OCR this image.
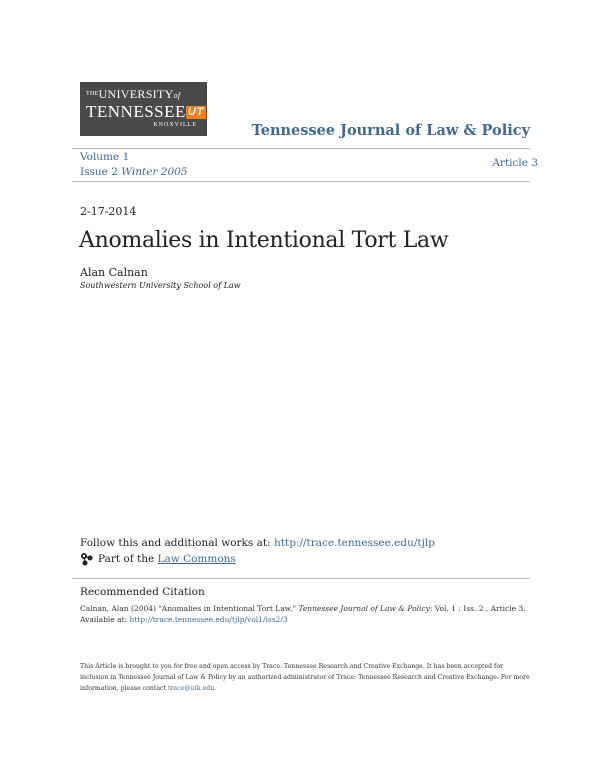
$^{THE}$UNIVERSITYof
TENNESSEE UT
KNOXVILLE	Tennessee Journal of Law & Policy
Volume 1
Issue 2 Winter 2005
Article 3
2-17-2014
Anomalies in Intentional Tort Law
Alan Calnan
Southwestern University School of Law
Follow this and additional works at: http://trace.tennessee.edu/tjlp
Part of the
Law Commons
Recommended Citation
Calnan, Alan (2004) "Anomalies in Intentional Tort Law," Tennessee Journal of Law & Policy: Vol. 1 : Iss. 2 , Article 3.
Available at: http://trace.tennessee.edu/tjlp/vol1/iss2/3
This Article is brought to you for free and open access by Trace: Tennessee Research and Creative Exchange. It has been accepted for inclusion in Tennessee Journal of Law & Policy by an authorized administrator of Trace: Tennessee Research and Creative Exchange. For more information, please contact trace@utk.edu.
